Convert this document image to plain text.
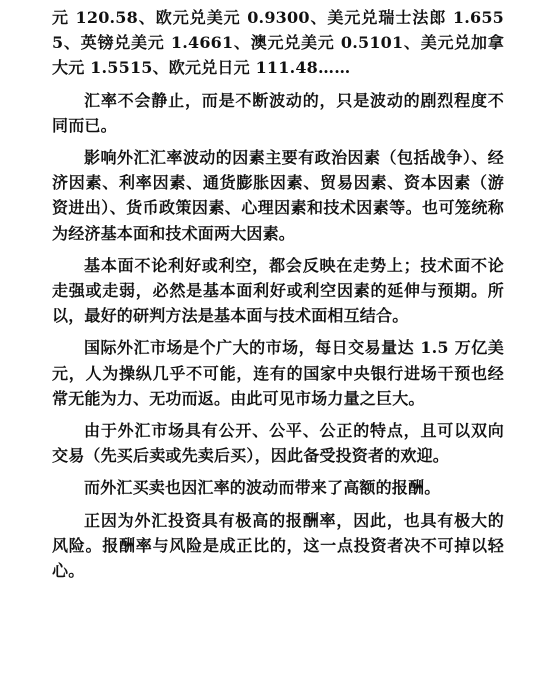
元 120.58、欧元兑美元 0.9300、美元兑瑞士法郎 1.6555、英镑兑美元 1.4661、澳元兑美元 0.5101、美元兑加拿大元 1.5515、欧元兑日元 111.48……

汇率不会静止，而是不断波动的，只是波动的剧烈程度不同而已。

影响外汇汇率波动的因素主要有政治因素（包括战争）、经济因素、利率因素、通货膨胀因素、贸易因素、资本因素（游资进出）、货币政策因素、心理因素和技术因素等。也可笼统称为经济基本面和技术面两大因素。

基本面不论利好或利空，都会反映在走势上；技术面不论走强或走弱，必然是基本面利好或利空因素的延伸与预期。所以，最好的研判方法是基本面与技术面相互结合。

国际外汇市场是个广大的市场，每日交易量达 1.5 万亿美元，人为操纵几乎不可能，连有的国家中央银行进场干预也经常无能为力、无功而返。由此可见市场力量之巨大。

由于外汇市场具有公开、公平、公正的特点，且可以双向交易（先买后卖或先卖后买），因此备受投资者的欢迎。

而外汇买卖也因汇率的波动而带来了高额的报酬。

正因为外汇投资具有极高的报酬率，因此，也具有极大的风险。报酬率与风险是成正比的，这一点投资者决不可掉以轻心。
